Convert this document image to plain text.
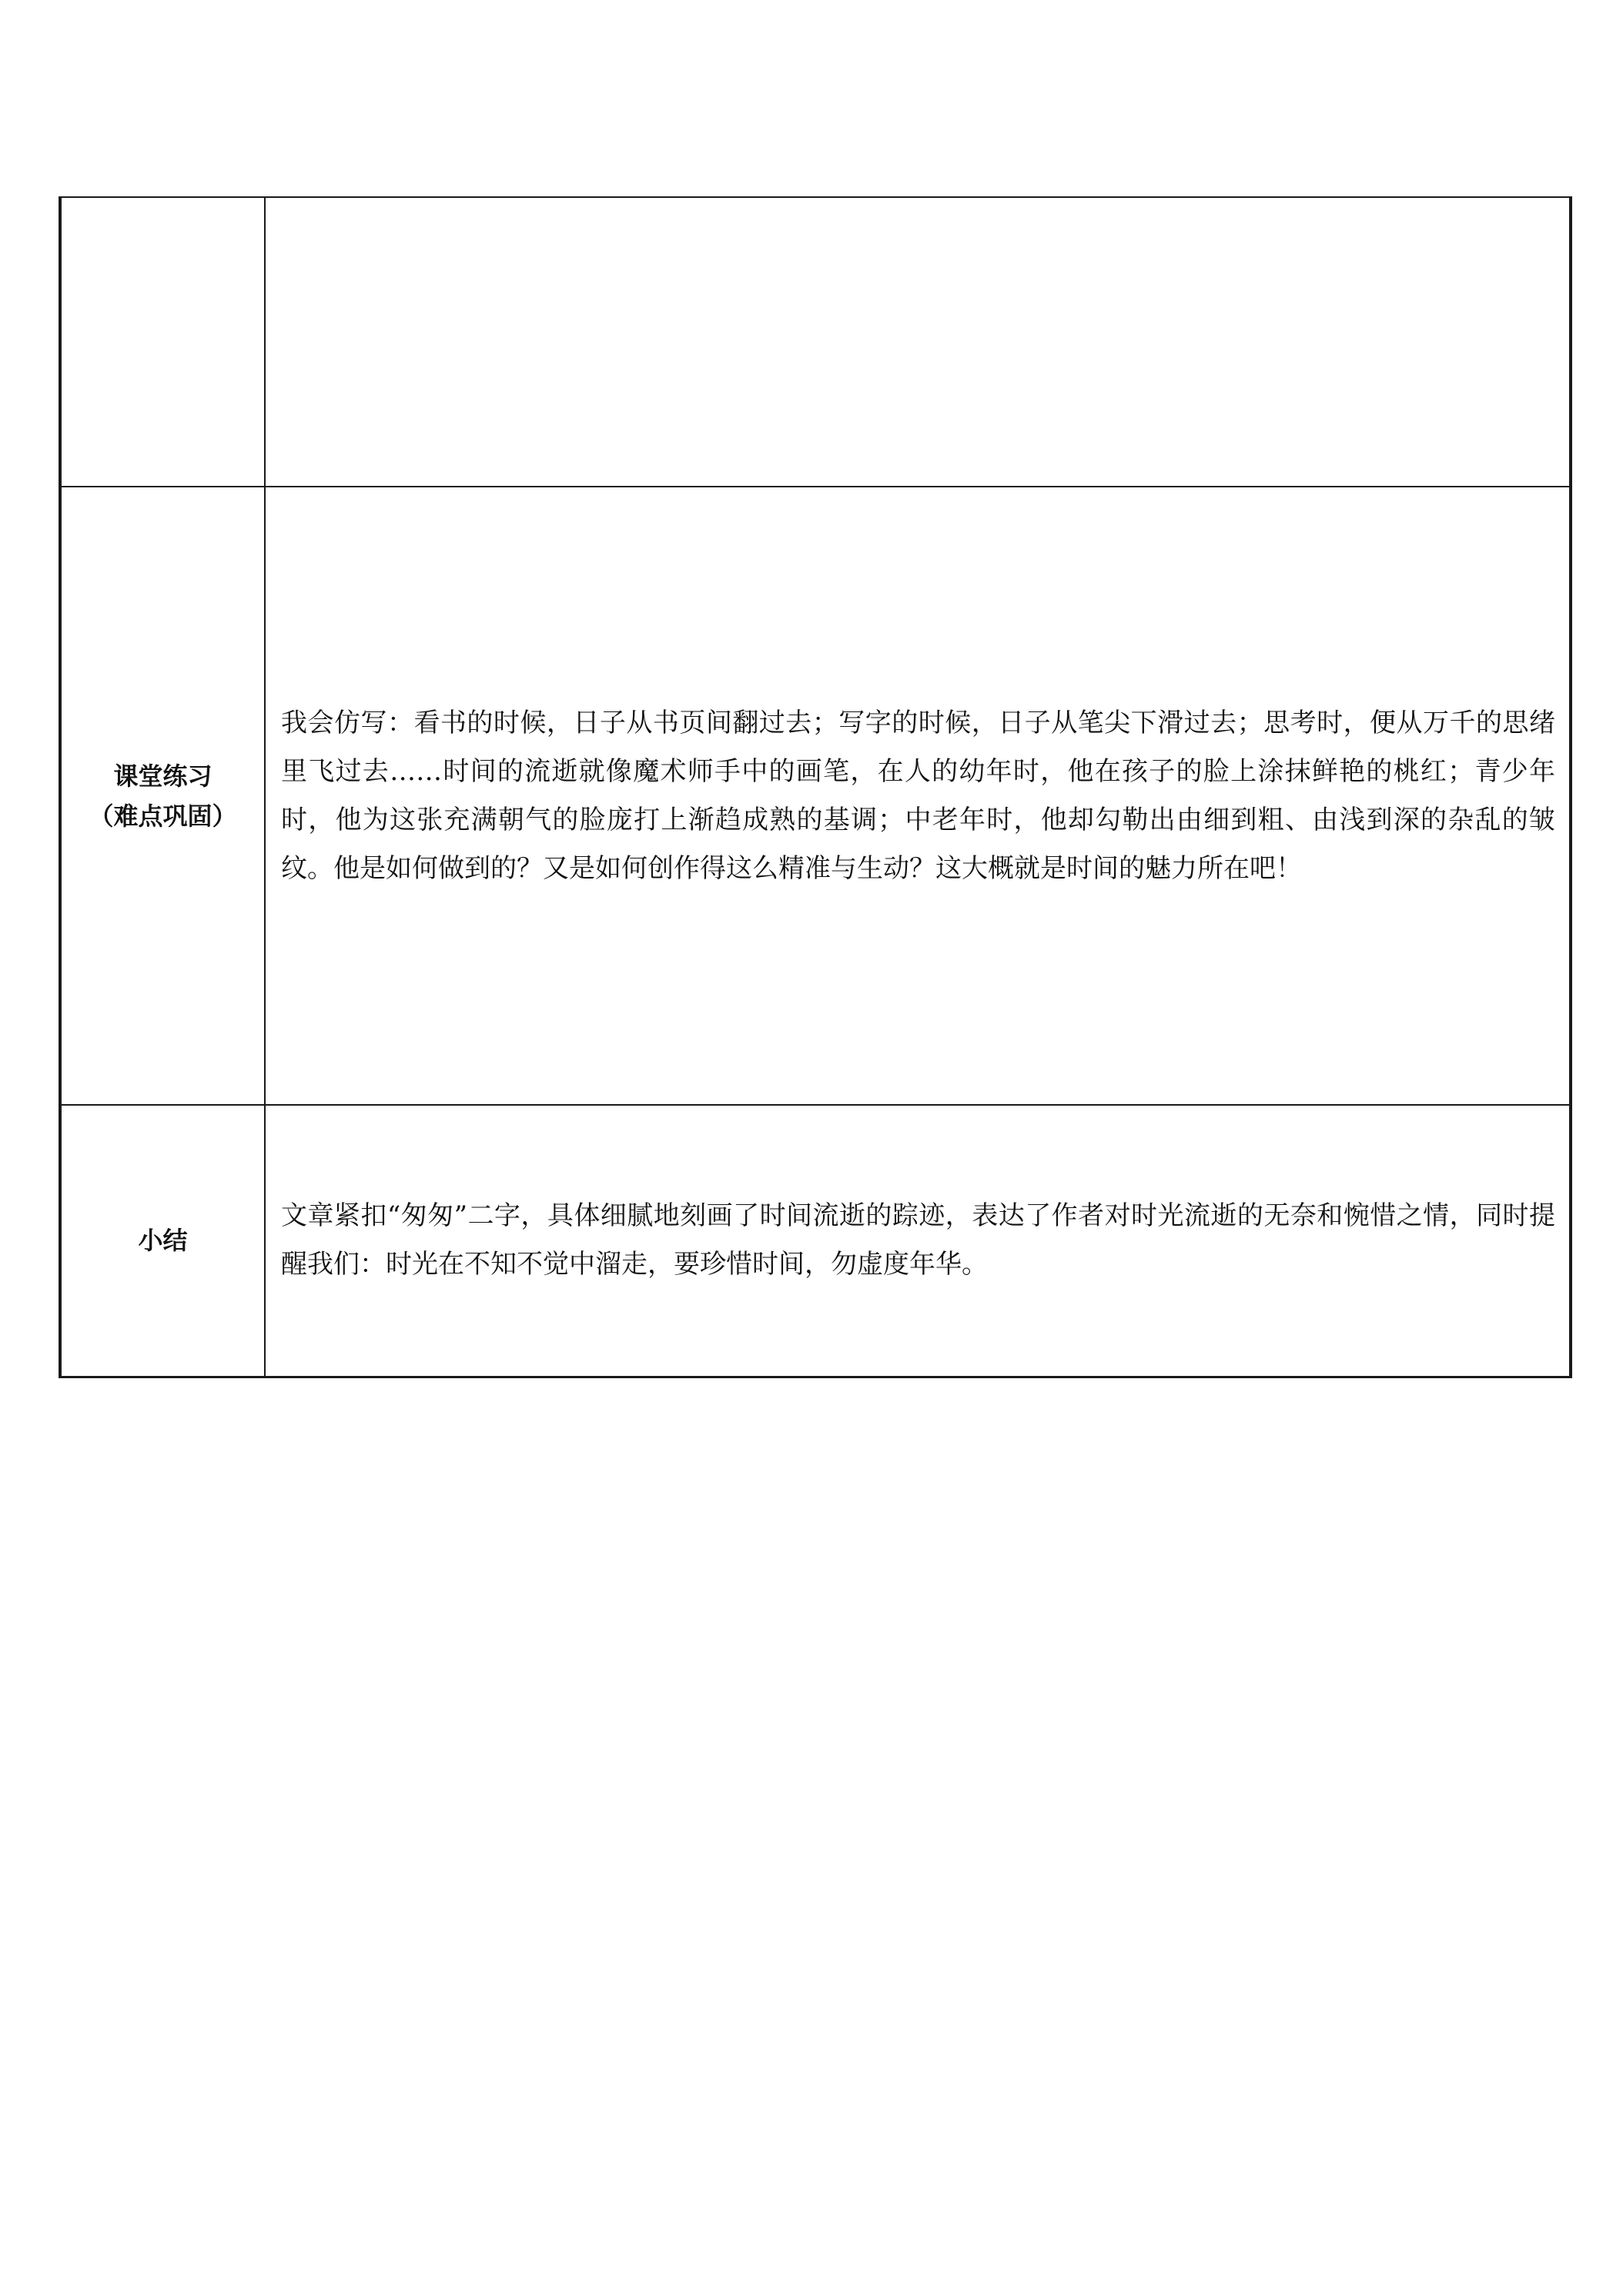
课堂练习
（难点巩固）	我会仿写：看书的时候，日子从书页间翻过去；写字的时候，日子从笔尖下滑过去；思考时，便从万千的思绪里飞过去……时间的流逝就像魔术师手中的画笔，在人的幼年时，他在孩子的脸上涂抹鲜艳的桃红；青少年时，他为这张充满朝气的脸庞打上渐趋成熟的基调；中老年时，他却勾勒出由细到粗、由浅到深的杂乱的皱纹。他是如何做到的？又是如何创作得这么精准与生动？这大概就是时间的魅力所在吧！

小结	文章紧扣“匆匆”二字，具体细腻地刻画了时间流逝的踪迹，表达了作者对时光流逝的无奈和惋惜之情，同时提醒我们：时光在不知不觉中溜走，要珍惜时间，勿虚度年华。
